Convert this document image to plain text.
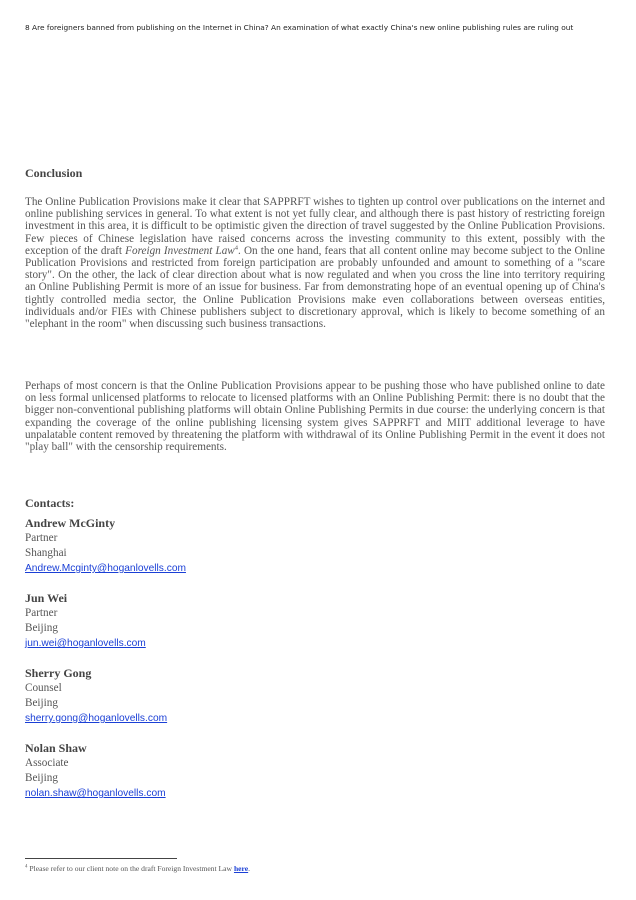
8 Are foreigners banned from publishing on the Internet in China? An examination of what exactly China's new online publishing rules are ruling out
Conclusion

The Online Publication Provisions make it clear that SAPPRFT wishes to tighten up control over publications on the internet and online publishing services in general. To what extent is not yet fully clear, and although there is past history of restricting foreign investment in this area, it is difficult to be optimistic given the direction of travel suggested by the Online Publication Provisions. Few pieces of Chinese legislation have raised concerns across the investing community to this extent, possibly with the exception of the draft Foreign Investment Law$^4$. On the one hand, fears that all content online may become subject to the Online Publication Provisions and restricted from foreign participation are probably unfounded and amount to something of a "scare story". On the other, the lack of clear direction about what is now regulated and when you cross the line into territory requiring an Online Publishing Permit is more of an issue for business. Far from demonstrating hope of an eventual opening up of China's tightly controlled media sector, the Online Publication Provisions make even collaborations between overseas entities, individuals and/or FIEs with Chinese publishers subject to discretionary approval, which is likely to become something of an "elephant in the room" when discussing such business transactions.

Perhaps of most concern is that the Online Publication Provisions appear to be pushing those who have published online to date on less formal unlicensed platforms to relocate to licensed platforms with an Online Publishing Permit: there is no doubt that the bigger non-conventional publishing platforms will obtain Online Publishing Permits in due course: the underlying concern is that expanding the coverage of the online publishing licensing system gives SAPPRFT and MIIT additional leverage to have unpalatable content removed by threatening the platform with withdrawal of its Online Publishing Permit in the event it does not "play ball" with the censorship requirements.

Contacts:
Andrew McGinty
Partner
Shanghai
Andrew.Mcginty@hoganlovells.com
Jun Wei
Partner
Beijing
jun.wei@hoganlovells.com
Sherry Gong
Counsel
Beijing
sherry.gong@hoganlovells.com
Nolan Shaw
Associate
Beijing
nolan.shaw@hoganlovells.com
$^4$ Please refer to our client note on the draft Foreign Investment Law here.
